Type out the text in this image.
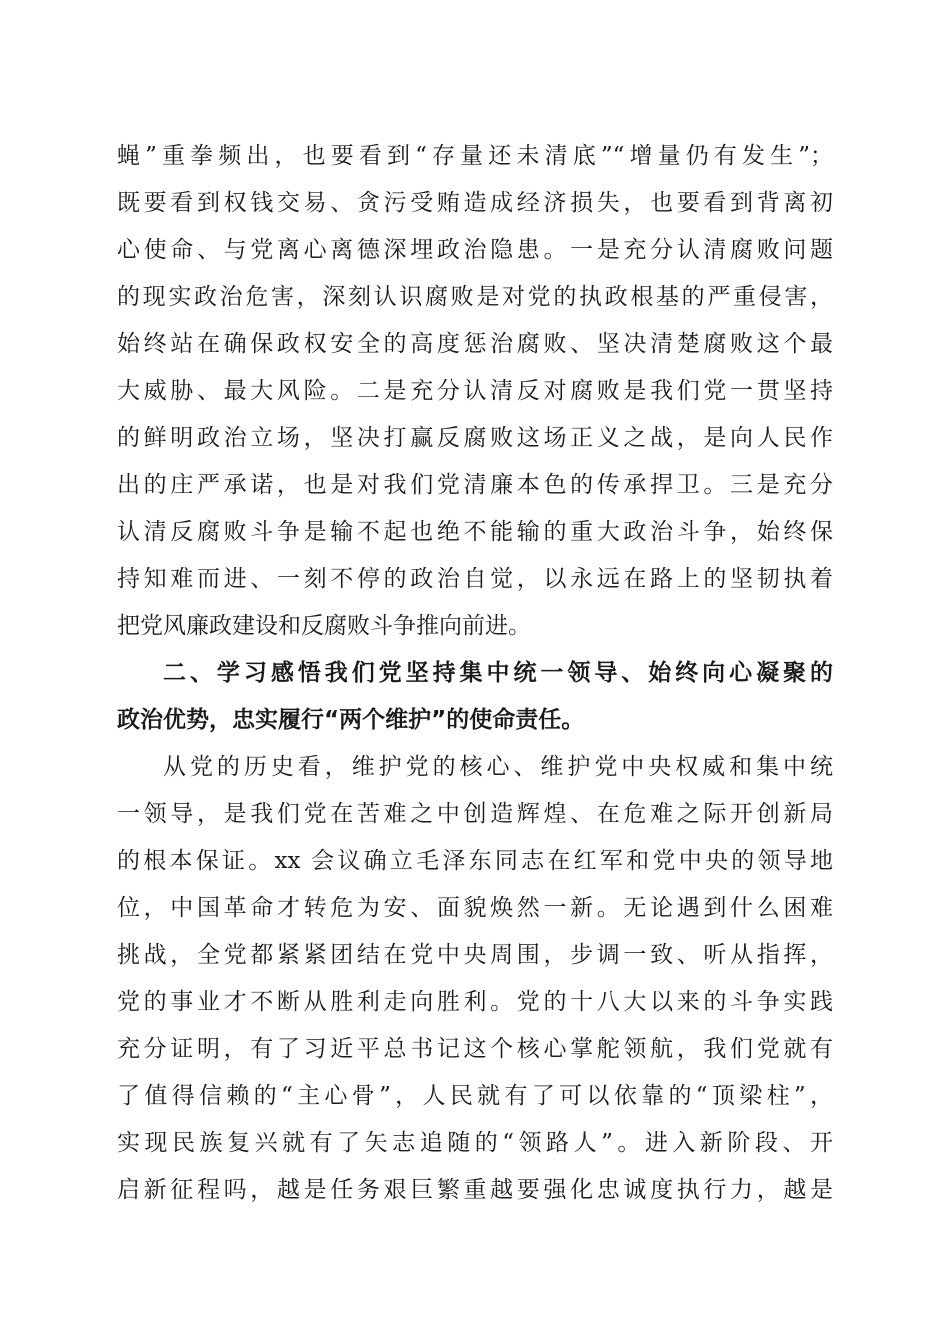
蝇”重拳频出，也要看到“存量还未清底”“增量仍有发生”；
既要看到权钱交易、贪污受贿造成经济损失，也要看到背离初
心使命、与党离心离德深埋政治隐患。一是充分认清腐败问题
的现实政治危害，深刻认识腐败是对党的执政根基的严重侵害，
始终站在确保政权安全的高度惩治腐败、坚决清楚腐败这个最
大威胁、最大风险。二是充分认清反对腐败是我们党一贯坚持
的鲜明政治立场，坚决打赢反腐败这场正义之战，是向人民作
出的庄严承诺，也是对我们党清廉本色的传承捍卫。三是充分
认清反腐败斗争是输不起也绝不能输的重大政治斗争，始终保
持知难而进、一刻不停的政治自觉，以永远在路上的坚韧执着
把党风廉政建设和反腐败斗争推向前进。
二、学习感悟我们党坚持集中统一领导、始终向心凝聚的
政治优势，忠实履行“两个维护”的使命责任。
从党的历史看，维护党的核心、维护党中央权威和集中统
一领导，是我们党在苦难之中创造辉煌、在危难之际开创新局
的根本保证。xx 会议确立毛泽东同志在红军和党中央的领导地
位，中国革命才转危为安、面貌焕然一新。无论遇到什么困难
挑战，全党都紧紧团结在党中央周围，步调一致、听从指挥，
党的事业才不断从胜利走向胜利。党的十八大以来的斗争实践
充分证明，有了习近平总书记这个核心掌舵领航，我们党就有
了值得信赖的“主心骨”，人民就有了可以依靠的“顶梁柱”，
实现民族复兴就有了矢志追随的“领路人”。进入新阶段、开
启新征程吗，越是任务艰巨繁重越要强化忠诚度执行力，越是
